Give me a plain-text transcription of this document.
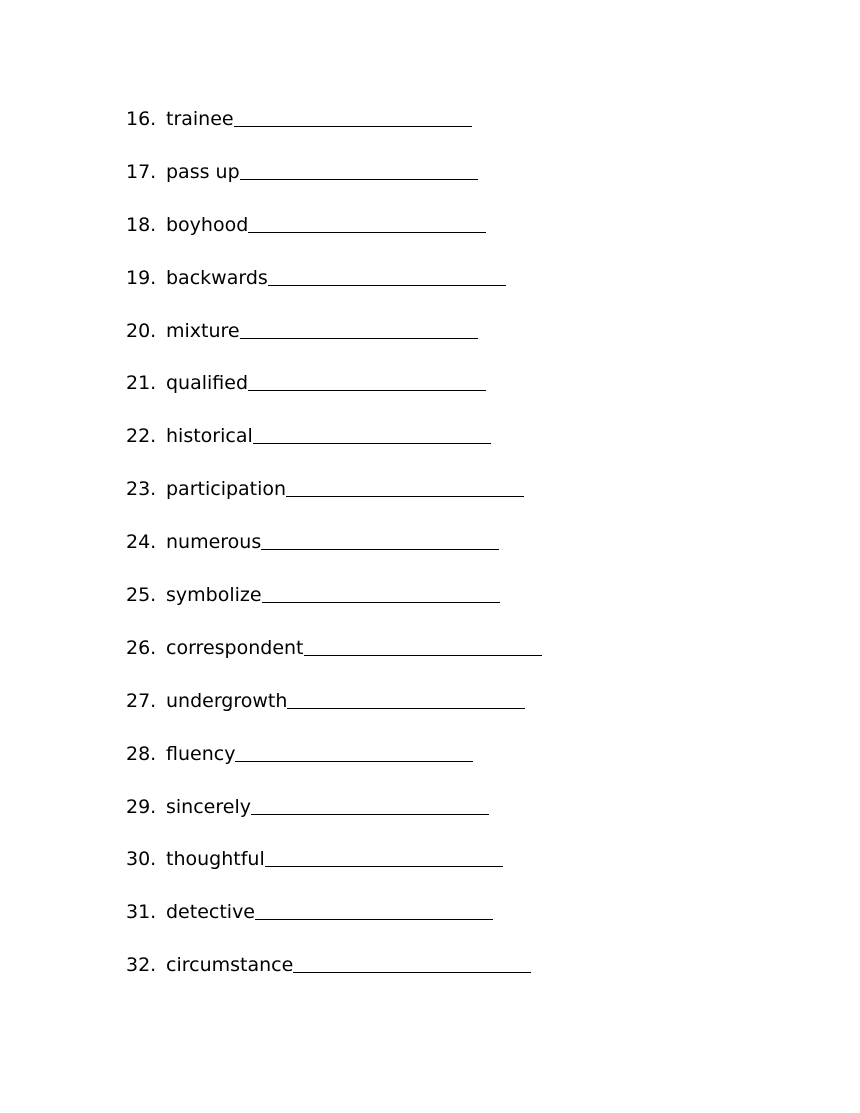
16. trainee
17. pass up
18. boyhood
19. backwards
20. mixture
21. qualified
22. historical
23. participation
24. numerous
25. symbolize
26. correspondent
27. undergrowth
28. fluency
29. sincerely
30. thoughtful
31. detective
32. circumstance
